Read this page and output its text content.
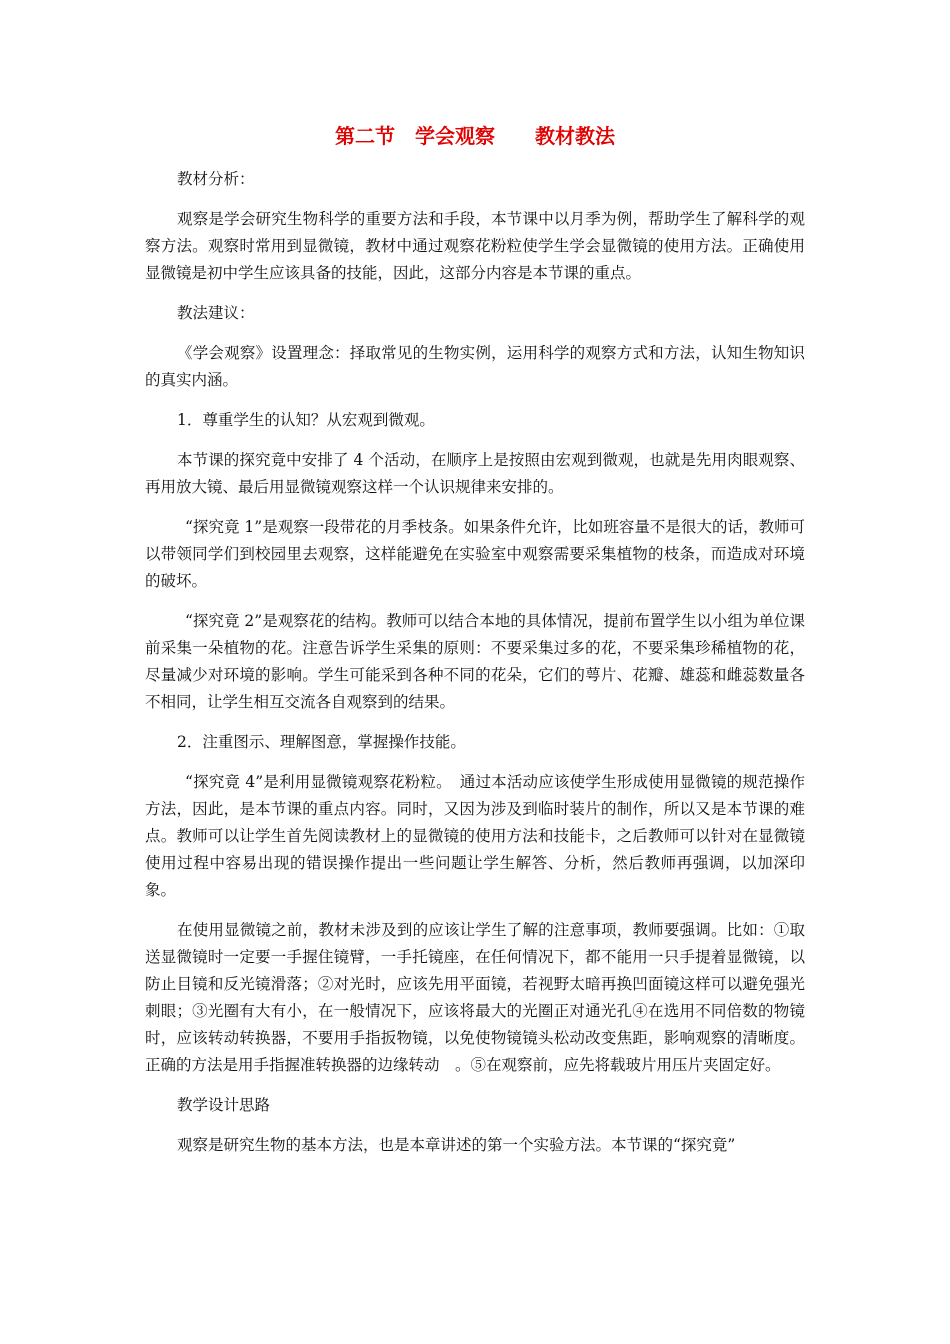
第二节　学会观察　　教材教法

教材分析：

观察是学会研究生物科学的重要方法和手段，本节课中以月季为例，帮助学生了解科学的观察方法。观察时常用到显微镜，教材中通过观察花粉粒使学生学会显微镜的使用方法。正确使用显微镜是初中学生应该具备的技能，因此，这部分内容是本节课的重点。

教法建议：

《学会观察》设置理念：择取常见的生物实例，运用科学的观察方式和方法，认知生物知识的真实内涵。

1．尊重学生的认知？从宏观到微观。

本节课的探究竟中安排了 4 个活动，在顺序上是按照由宏观到微观，也就是先用肉眼观察、再用放大镜、最后用显微镜观察这样一个认识规律来安排的。

“探究竟 1”是观察一段带花的月季枝条。如果条件允许，比如班容量不是很大的话，教师可以带领同学们到校园里去观察，这样能避免在实验室中观察需要采集植物的枝条，而造成对环境的破坏。

“探究竟 2”是观察花的结构。教师可以结合本地的具体情况，提前布置学生以小组为单位课前采集一朵植物的花。注意告诉学生采集的原则：不要采集过多的花，不要采集珍稀植物的花，尽量减少对环境的影响。学生可能采到各种不同的花朵，它们的萼片、花瓣、雄蕊和雌蕊数量各不相同，让学生相互交流各自观察到的结果。

2．注重图示、理解图意，掌握操作技能。

“探究竟 4”是利用显微镜观察花粉粒。　通过本活动应该使学生形成使用显微镜的规范操作方法，因此，是本节课的重点内容。同时，又因为涉及到临时装片的制作，所以又是本节课的难点。教师可以让学生首先阅读教材上的显微镜的使用方法和技能卡，之后教师可以针对在显微镜使用过程中容易出现的错误操作提出一些问题让学生解答、分析，然后教师再强调，以加深印象。

在使用显微镜之前，教材未涉及到的应该让学生了解的注意事项，教师要强调。比如：①取送显微镜时一定要一手握住镜臂，一手托镜座，在任何情况下，都不能用一只手提着显微镜，以防止目镜和反光镜滑落；②对光时，应该先用平面镜，若视野太暗再换凹面镜这样可以避免强光刺眼；③光圈有大有小，在一般情况下，应该将最大的光圈正对通光孔④在选用不同倍数的物镜时，应该转动转换器，不要用手指扳物镜，以免使物镜镜头松动改变焦距，影响观察的清晰度。正确的方法是用手指握准转换器的边缘转动　。⑤在观察前，应先将载玻片用压片夹固定好。

教学设计思路

观察是研究生物的基本方法，也是本章讲述的第一个实验方法。本节课的“探究竟”
